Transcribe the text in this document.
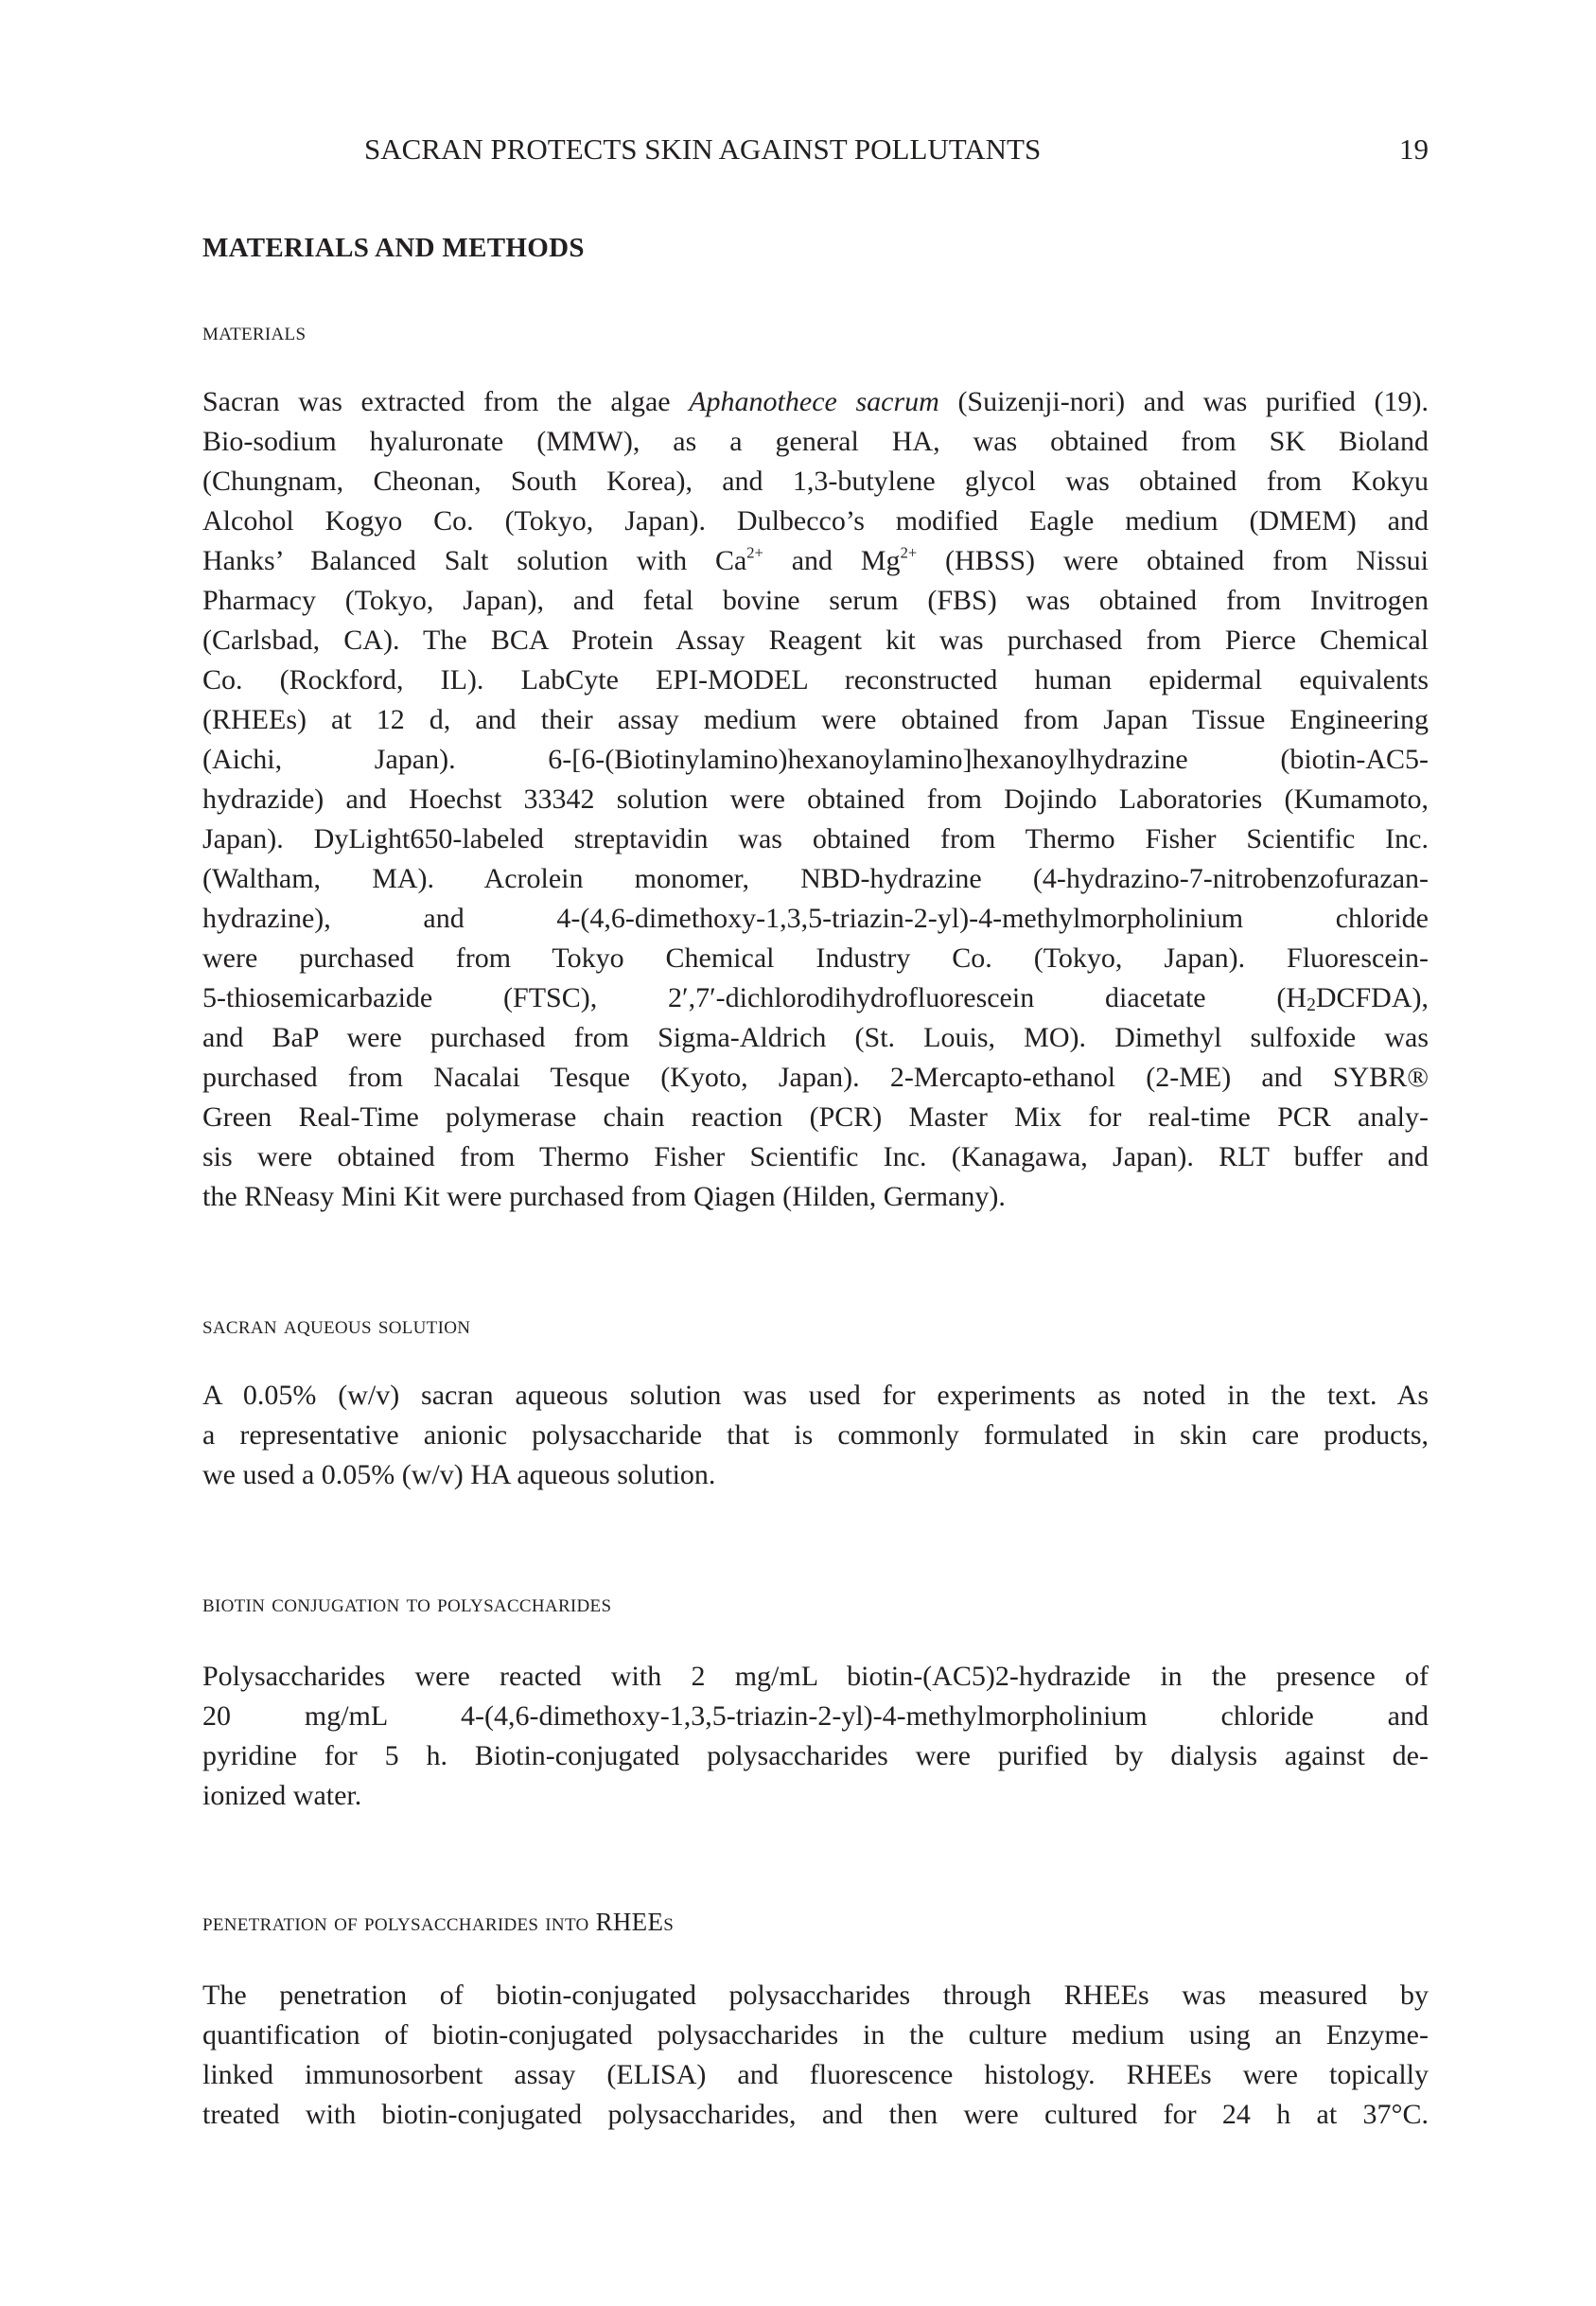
SACRAN PROTECTS SKIN AGAINST POLLUTANTS	19
MATERIALS AND METHODS
materials
Sacran was extracted from the algae Aphanothece sacrum (Suizenji-nori) and was purified (19).
Bio-sodium hyaluronate (MMW), as a general HA, was obtained from SK Bioland
(Chungnam, Cheonan, South Korea), and 1,3-butylene glycol was obtained from Kokyu
Alcohol Kogyo Co. (Tokyo, Japan). Dulbecco’s modified Eagle medium (DMEM) and
Hanks’ Balanced Salt solution with $Ca^{2+}$ and $Mg^{2+}$ (HBSS) were obtained from Nissui
Pharmacy (Tokyo, Japan), and fetal bovine serum (FBS) was obtained from Invitrogen
(Carlsbad, CA). The BCA Protein Assay Reagent kit was purchased from Pierce Chemical
Co. (Rockford, IL). LabCyte EPI-MODEL reconstructed human epidermal equivalents
(RHEEs) at 12 d, and their assay medium were obtained from Japan Tissue Engineering
(Aichi, Japan). 6-[6-(Biotinylamino)hexanoylamino]hexanoylhydrazine (biotin-AC5-
hydrazide) and Hoechst 33342 solution were obtained from Dojindo Laboratories (Kumamoto,
Japan). DyLight650-labeled streptavidin was obtained from Thermo Fisher Scientific Inc.
(Waltham, MA). Acrolein monomer, NBD-hydrazine (4-hydrazino-7-nitrobenzofurazan-
hydrazine), and 4-(4,6-dimethoxy-1,3,5-triazin-2-yl)-4-methylmorpholinium chloride
were purchased from Tokyo Chemical Industry Co. (Tokyo, Japan). Fluorescein-
5-thiosemicarbazide (FTSC), 2′,7′-dichlorodihydrofluorescein diacetate $(H_2DCFDA)$,
and BaP were purchased from Sigma-Aldrich (St. Louis, MO). Dimethyl sulfoxide was
purchased from Nacalai Tesque (Kyoto, Japan). 2-Mercapto-ethanol (2-ME) and SYBR®
Green Real-Time polymerase chain reaction (PCR) Master Mix for real-time PCR analy-
sis were obtained from Thermo Fisher Scientific Inc. (Kanagawa, Japan). RLT buffer and
the RNeasy Mini Kit were purchased from Qiagen (Hilden, Germany).
sacran aqueous solution
A 0.05% (w/v) sacran aqueous solution was used for experiments as noted in the text. As
a representative anionic polysaccharide that is commonly formulated in skin care products,
we used a 0.05% (w/v) HA aqueous solution.
biotin conjugation to polysaccharides
Polysaccharides were reacted with 2 mg/mL biotin-(AC5)2-hydrazide in the presence of
20 mg/mL 4-(4,6-dimethoxy-1,3,5-triazin-2-yl)-4-methylmorpholinium chloride and
pyridine for 5 h. Biotin-conjugated polysaccharides were purified by dialysis against de-
ionized water.
penetration of polysaccharides into RHEEs
The penetration of biotin-conjugated polysaccharides through RHEEs was measured by
quantification of biotin-conjugated polysaccharides in the culture medium using an Enzyme-
linked immunosorbent assay (ELISA) and fluorescence histology. RHEEs were topically
treated with biotin-conjugated polysaccharides, and then were cultured for 24 h at 37°C.
